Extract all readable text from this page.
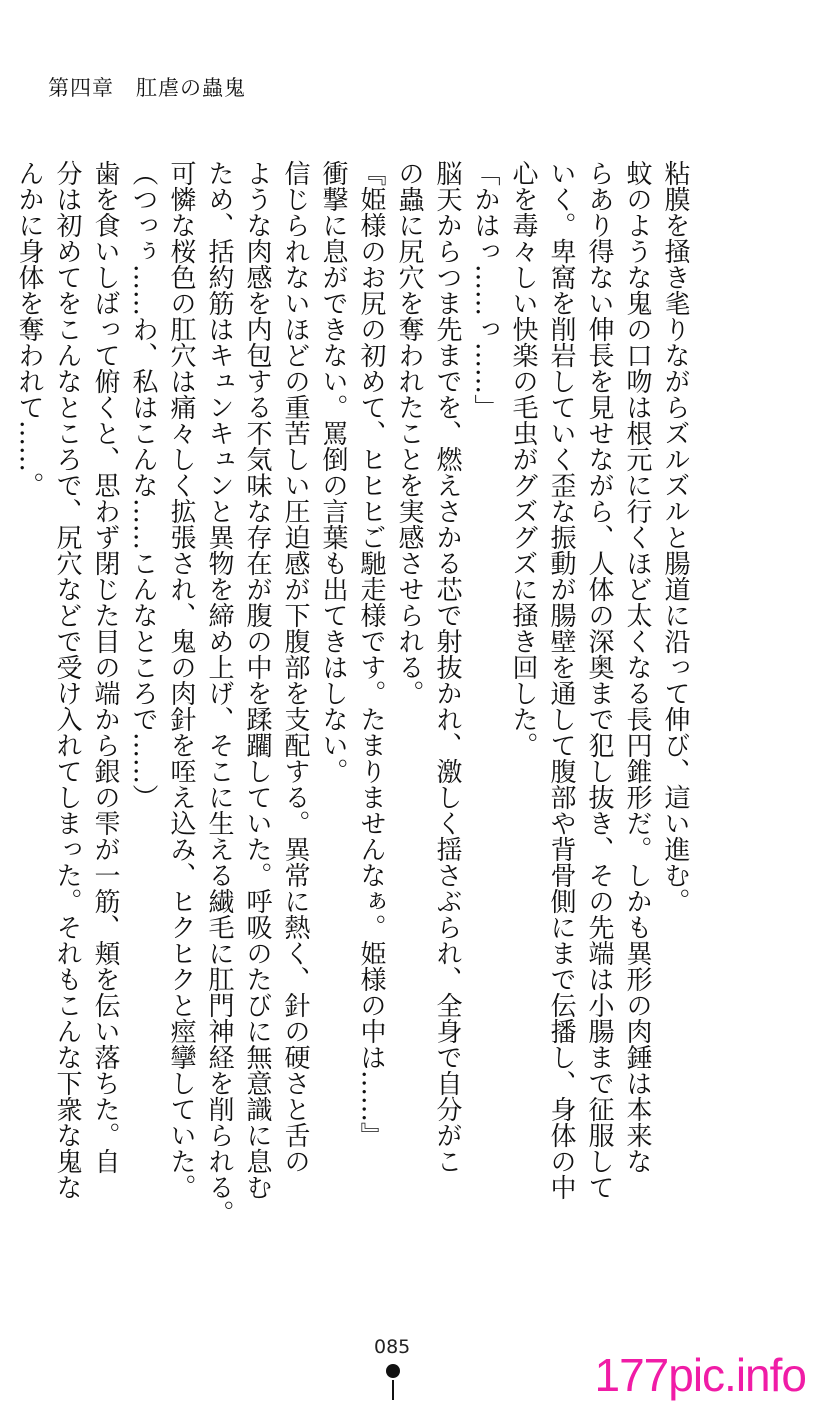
第四章　肛虐の蟲鬼

粘膜を掻き毟りながらズルズルと腸道に沿って伸び、這い進む。

蚊のような鬼の口吻は根元に行くほど太くなる長円錐形だ。しかも異形の肉錘は本来な

らあり得ない伸長を見せながら、人体の深奥まで犯し抜き、その先端は小腸まで征服して

いく。卑窩を削岩していく歪な振動が腸壁を通して腹部や背骨側にまで伝播し、身体の中

心を毒々しい快楽の毛虫がグズグズに掻き回した。

「かはっ……っ……」

脳天からつま先までを、燃えさかる芯で射抜かれ、激しく揺さぶられ、全身で自分がこ

の蟲に尻穴を奪われたことを実感させられる。

『姫様のお尻の初めて、ヒヒヒご馳走様です。たまりませんなぁ。姫様の中は……』

衝撃に息ができない。罵倒の言葉も出てきはしない。

信じられないほどの重苦しい圧迫感が下腹部を支配する。異常に熱く、針の硬さと舌の

ような肉感を内包する不気味な存在が腹の中を蹂躙していた。呼吸のたびに無意識に息む

ため、括約筋はキュンキュンと異物を締め上げ、そこに生える繊毛に肛門神経を削られる。

可憐な桜色の肛穴は痛々しく拡張され、鬼の肉針を咥え込み、ヒクヒクと痙攣していた。

（つっぅ……わ、私はこんな……こんなところで……）

歯を食いしばって俯くと、思わず閉じた目の端から銀の雫が一筋、頬を伝い落ちた。自

分は初めてをこんなところで、尻穴などで受け入れてしまった。それもこんな下衆な鬼な

んかに身体を奪われて……。

085
177pic.info
